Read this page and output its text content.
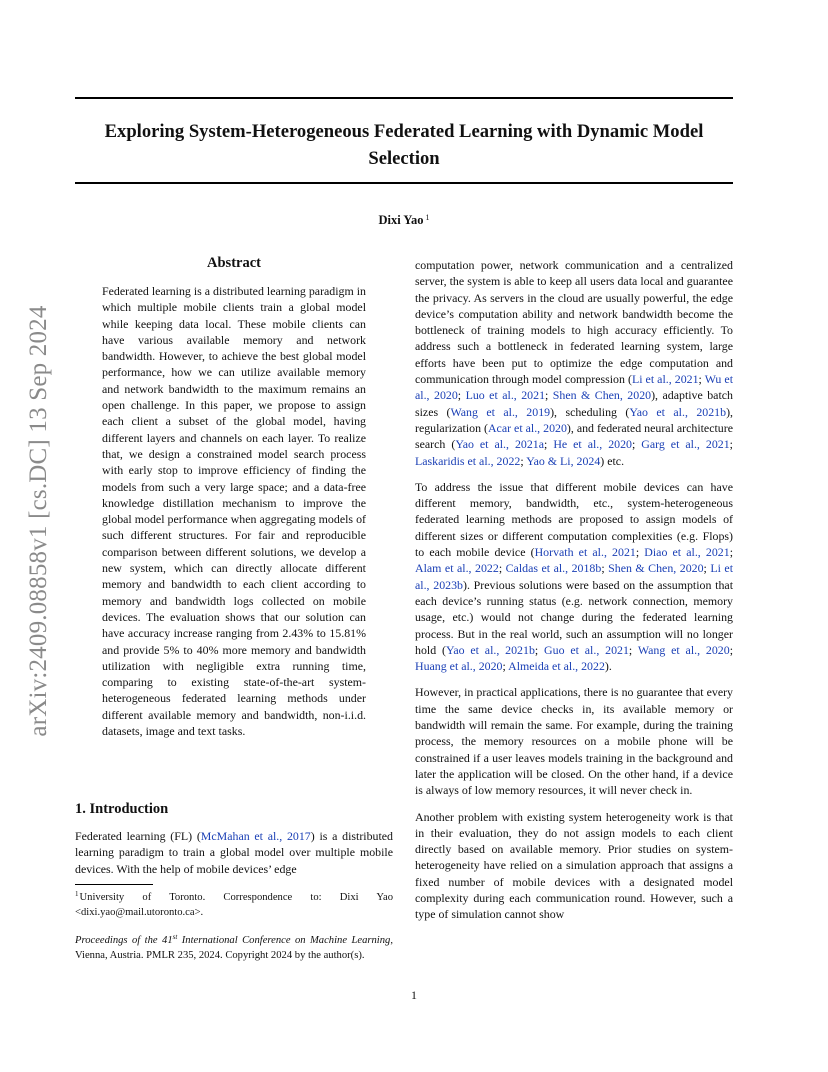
Exploring System-Heterogeneous Federated Learning with Dynamic Model Selection
Dixi Yao $^1$
arXiv:2409.08858v1 [cs.DC] 13 Sep 2024
Abstract
Federated learning is a distributed learning paradigm in which multiple mobile clients train a global model while keeping data local. These mobile clients can have various available memory and network bandwidth. However, to achieve the best global model performance, how we can utilize available memory and network bandwidth to the maximum remains an open challenge. In this paper, we propose to assign each client a subset of the global model, having different layers and channels on each layer. To realize that, we design a constrained model search process with early stop to improve efficiency of finding the models from such a very large space; and a data-free knowledge distillation mechanism to improve the global model performance when aggregating models of such different structures. For fair and reproducible comparison between different solutions, we develop a new system, which can directly allocate different memory and bandwidth to each client according to memory and bandwidth logs collected on mobile devices. The evaluation shows that our solution can have accuracy increase ranging from 2.43% to 15.81% and provide 5% to 40% more memory and bandwidth utilization with negligible extra running time, comparing to existing state-of-the-art system-heterogeneous federated learning methods under different available memory and bandwidth, non-i.i.d. datasets, image and text tasks.
1. Introduction
Federated learning (FL) (McMahan et al., 2017) is a distributed learning paradigm to train a global model over multiple mobile devices. With the help of mobile devices’ edge
$^1$University of Toronto. Correspondence to: Dixi Yao <dixi.yao@mail.utoronto.ca>.
Proceedings of the 41st International Conference on Machine Learning, Vienna, Austria. PMLR 235, 2024. Copyright 2024 by the author(s).

computation power, network communication and a centralized server, the system is able to keep all users data local and guarantee the privacy. As servers in the cloud are usually powerful, the edge device’s computation ability and network bandwidth become the bottleneck of training models to high accuracy efficiently. To address such a bottleneck in federated learning system, large efforts have been put to optimize the edge computation and communication through model compression (Li et al., 2021; Wu et al., 2020; Luo et al., 2021; Shen & Chen, 2020), adaptive batch sizes (Wang et al., 2019), scheduling (Yao et al., 2021b), regularization (Acar et al., 2020), and federated neural architecture search (Yao et al., 2021a; He et al., 2020; Garg et al., 2021; Laskaridis et al., 2022; Yao & Li, 2024) etc.

To address the issue that different mobile devices can have different memory, bandwidth, etc., system-heterogeneous federated learning methods are proposed to assign models of different sizes or different computation complexities (e.g. Flops) to each mobile device (Horvath et al., 2021; Diao et al., 2021; Alam et al., 2022; Caldas et al., 2018b; Shen & Chen, 2020; Li et al., 2023b). Previous solutions were based on the assumption that each device’s running status (e.g. network connection, memory usage, etc.) would not change during the federated learning process. But in the real world, such an assumption will no longer hold (Yao et al., 2021b; Guo et al., 2021; Wang et al., 2020; Huang et al., 2020; Almeida et al., 2022).

However, in practical applications, there is no guarantee that every time the same device checks in, its available memory or bandwidth will remain the same. For example, during the training process, the memory resources on a mobile phone will be constrained if a user leaves models training in the background and later the application will be closed. On the other hand, if a device is always of low memory resources, it will never check in.

Another problem with existing system heterogeneity work is that in their evaluation, they do not assign models to each client directly based on available memory. Prior studies on system-heterogeneity have relied on a simulation approach that assigns a fixed number of mobile devices with a designated model complexity during each communication round. However, such a type of simulation cannot show

1
